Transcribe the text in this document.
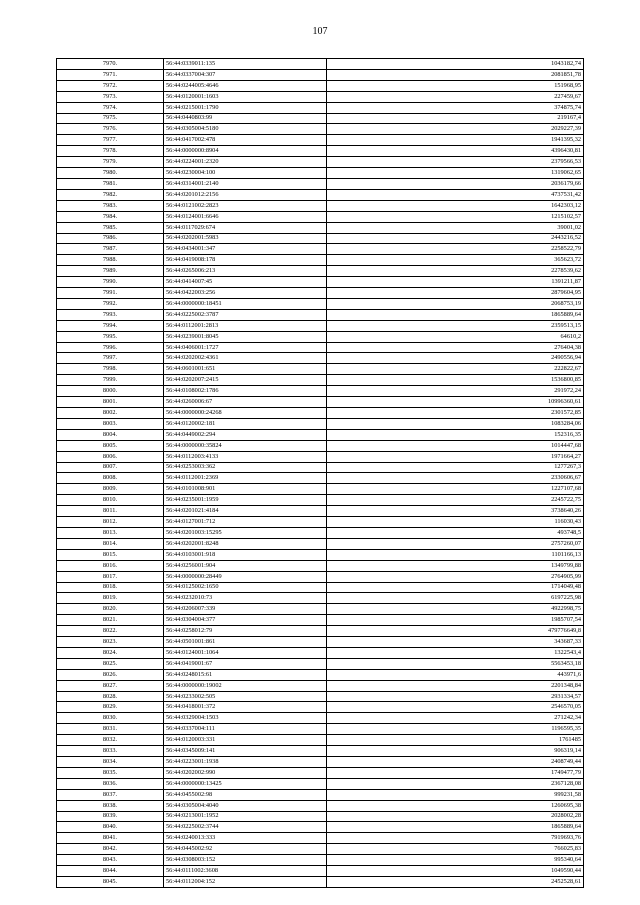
107
7970.	56:44:0339011:135	1043182,74
7971.	56:44:0337004:307	2081851,78
7972.	56:44:0244005:4646	151968,95
7973.	56:44:0120001:1603	227459,67
7974.	56:44:0215001:1790	374875,74
7975.	56:44:0440803:99	219167,4
7976.	56:44:0305004:5180	2029227,39
7977.	56:44:0417002:478	1941395,32
7978.	56:44:0000000:8904	4396430,81
7979.	56:44:0224001:2320	2379566,53
7980.	56:44:0230004:100	1319062,65
7981.	56:44:0314001:2140	2036179,66
7982.	56:44:0201012:2156	4737531,42
7983.	56:44:0121002:2823	1642303,12
7984.	56:44:0124001:6646	1215102,57
7985.	56:44:0117029:674	39001,02
7986.	56:44:0202001:5983	2443216,52
7987.	56:44:0434001:347	2258522,79
7988.	56:44:0419008:178	365623,72
7989.	56:44:0265006:213	2278539,62
7990.	56:44:0414007:45	1391211,87
7991.	56:44:0422003:256	2879604,95
7992.	56:44:0000000:18451	2068753,19
7993.	56:44:0225002:3787	1865889,64
7994.	56:44:0112001:2813	2359513,15
7995.	56:44:0239001:8045	64610,2
7996.	56:44:0406001:1727	276404,38
7997.	56:44:0202002:4361	2490556,94
7998.	56:44:0601001:651	222822,67
7999.	56:44:0202007:2415	1536800,85
8000.	56:44:0108002:1786	291972,24
8001.	56:44:0260006:67	10996360,61
8002.	56:44:0000000:24268	2301572,85
8003.	56:44:0120002:181	1083284,06
8004.	56:44:0449002:294	152316,35
8005.	56:44:0000000:35824	1014447,68
8006.	56:44:0112003:4133	1971664,27
8007.	56:44:0253003:362	1277267,3
8008.	56:44:0112001:2369	2330606,67
8009.	56:44:0101008:901	1227107,68
8010.	56:44:0235001:1959	2245722,75
8011.	56:44:0201021:4184	3738640,26
8012.	56:44:0127001:712	116030,43
8013.	56:44:0201003:15295	493748,5
8014.	56:44:0202001:8248	2757260,07
8015.	56:44:0103001:918	1101166,13
8016.	56:44:0256001:904	1349799,88
8017.	56:44:0000000:28449	2764905,99
8018.	56:44:0125002:1650	1714049,48
8019.	56:44:0232010:73	6197225,98
8020.	56:44:0206007:339	4922998,75
8021.	56:44:0304004:377	1985707,54
8022.	56:44:0258012:79	479776649,8
8023.	56:44:0501001:861	343687,33
8024.	56:44:0124001:1064	1322543,4
8025.	56:44:0419001:67	5563453,18
8026.	56:44:0248015:61	443971,6
8027.	56:44:0000000:19002	2201348,84
8028.	56:44:0233002:505	2931334,57
8029.	56:44:0418001:372	2546570,05
8030.	56:44:0329004:1503	271242,34
8031.	56:44:0337004:111	1196595,35
8032.	56:44:0120003:331	1761485
8033.	56:44:0345009:141	906319,14
8034.	56:44:0223001:1938	2408749,44
8035.	56:44:0202002:990	1749477,79
8036.	56:44:0000000:13425	2367128,08
8037.	56:44:0455002:98	999231,58
8038.	56:44:0305004:4040	1260695,38
8039.	56:44:0213001:1952	2028002,28
8040.	56:44:0225002:3744	1865889,64
8041.	56:44:0240013:333	7919693,76
8042.	56:44:0445002:92	766025,83
8043.	56:44:0308003:152	995340,64
8044.	56:44:0111002:3608	1049590,44
8045.	56:44:0112004:152	2452528,61
